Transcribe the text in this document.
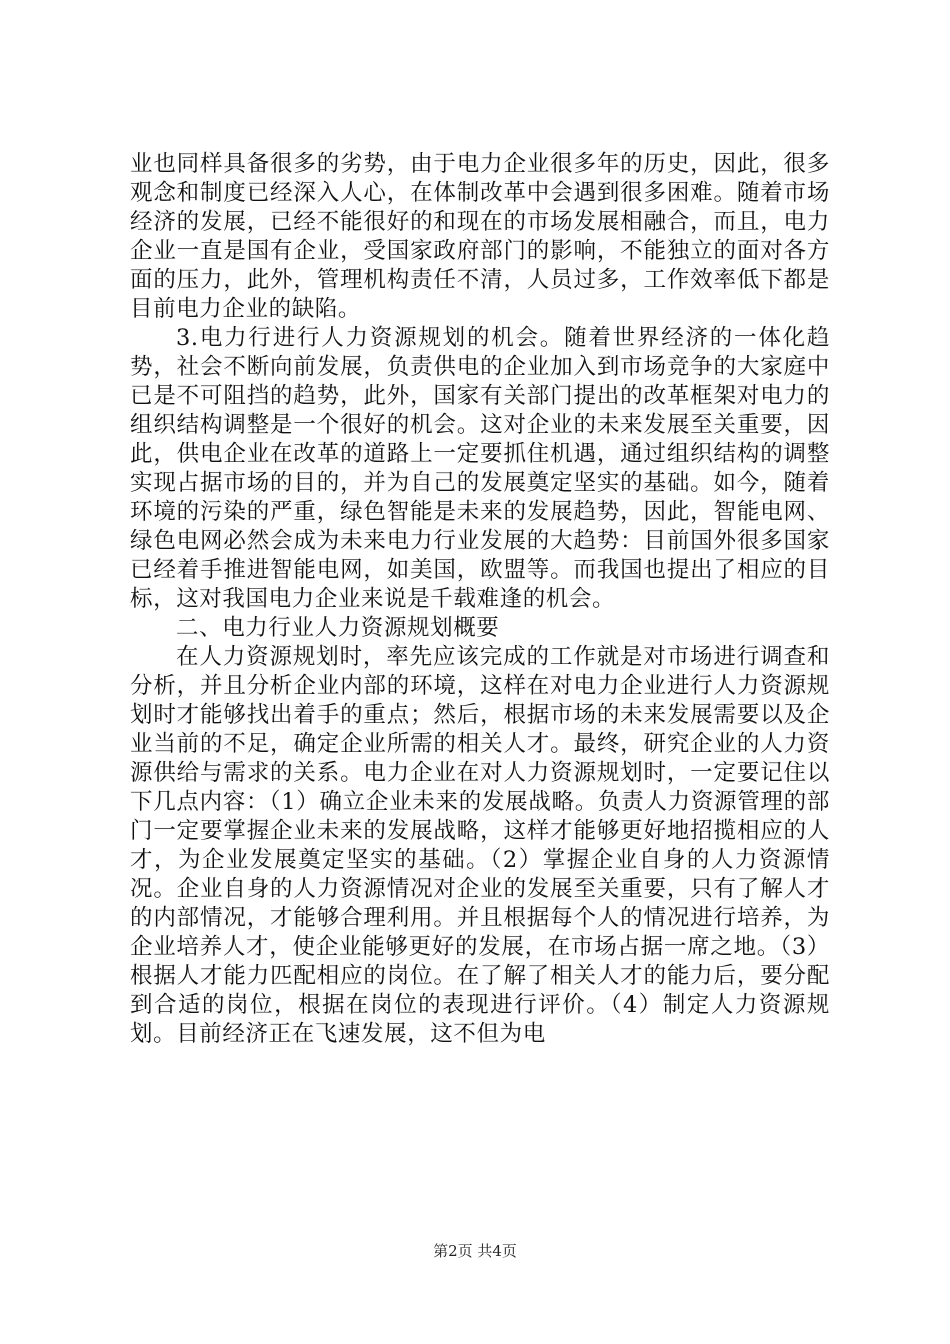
业也同样具备很多的劣势，由于电力企业很多年的历史，因此，很多观念和制度已经深入人心，在体制改革中会遇到很多困难。随着市场经济的发展，已经不能很好的和现在的市场发展相融合，而且，电力企业一直是国有企业，受国家政府部门的影响，不能独立的面对各方面的压力，此外，管理机构责任不清，人员过多，工作效率低下都是目前电力企业的缺陷。

3.电力行进行人力资源规划的机会。随着世界经济的一体化趋势，社会不断向前发展，负责供电的企业加入到市场竞争的大家庭中已是不可阻挡的趋势，此外，国家有关部门提出的改革框架对电力的组织结构调整是一个很好的机会。这对企业的未来发展至关重要，因此，供电企业在改革的道路上一定要抓住机遇，通过组织结构的调整实现占据市场的目的，并为自己的发展奠定坚实的基础。如今，随着环境的污染的严重，绿色智能是未来的发展趋势，因此，智能电网、绿色电网必然会成为未来电力行业发展的大趋势：目前国外很多国家已经着手推进智能电网，如美国，欧盟等。而我国也提出了相应的目标，这对我国电力企业来说是千载难逢的机会。

二、电力行业人力资源规划概要

在人力资源规划时，率先应该完成的工作就是对市场进行调查和分析，并且分析企业内部的环境，这样在对电力企业进行人力资源规划时才能够找出着手的重点；然后，根据市场的未来发展需要以及企业当前的不足，确定企业所需的相关人才。最终，研究企业的人力资源供给与需求的关系。电力企业在对人力资源规划时，一定要记住以下几点内容：（1）确立企业未来的发展战略。负责人力资源管理的部门一定要掌握企业未来的发展战略，这样才能够更好地招揽相应的人才，为企业发展奠定坚实的基础。（2）掌握企业自身的人力资源情况。企业自身的人力资源情况对企业的发展至关重要，只有了解人才的内部情况，才能够合理利用。并且根据每个人的情况进行培养，为企业培养人才，使企业能够更好的发展，在市场占据一席之地。（3）根据人才能力匹配相应的岗位。在了解了相关人才的能力后，要分配到合适的岗位，根据在岗位的表现进行评价。（4）制定人力资源规划。目前经济正在飞速发展，这不但为电

第2页 共4页
